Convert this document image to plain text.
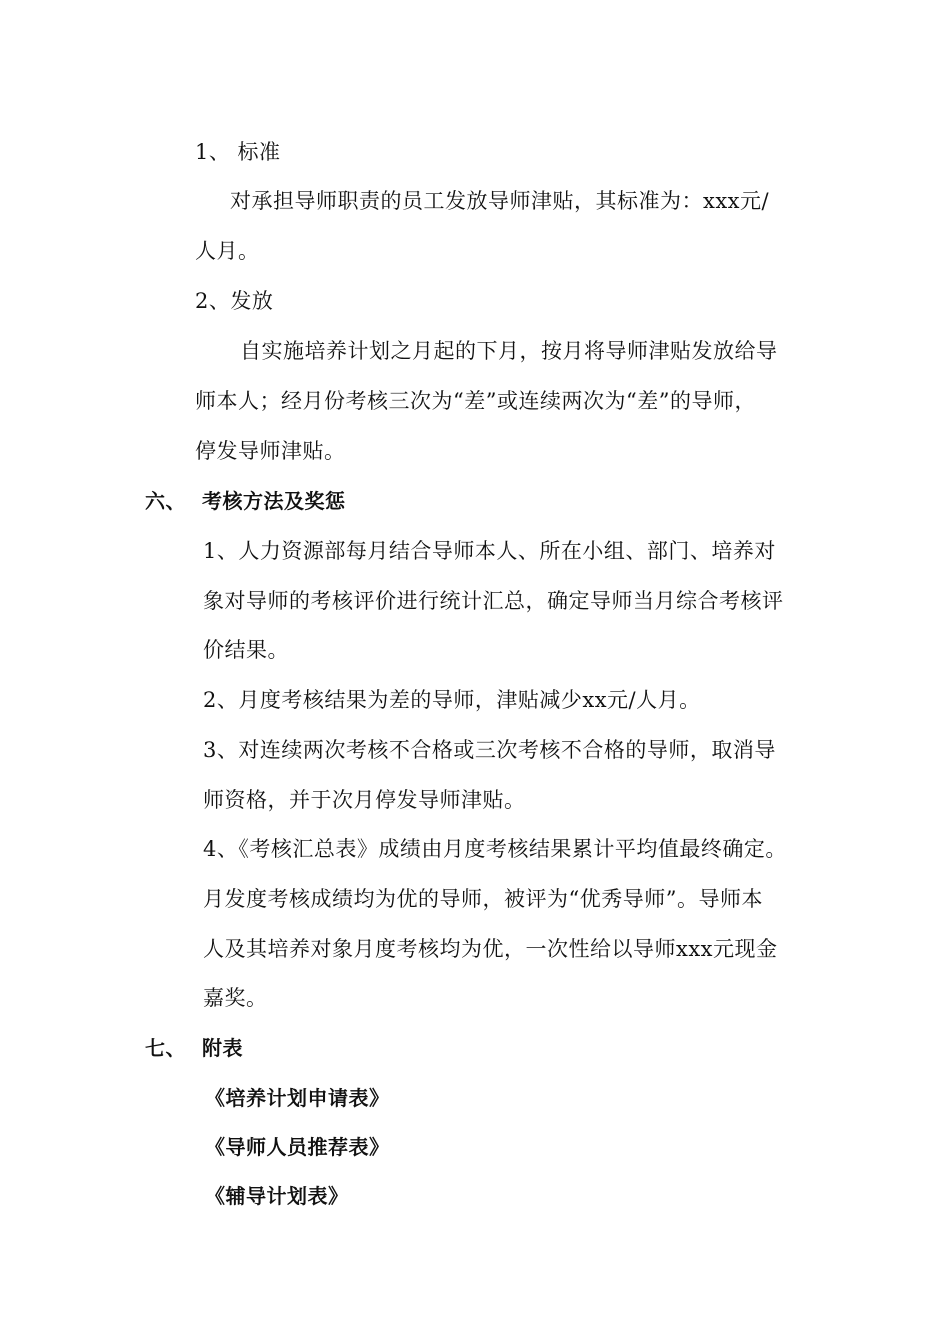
1、 标准
对承担导师职责的员工发放导师津贴，其标准为：xxx元/
人月。
2、发放
自实施培养计划之月起的下月，按月将导师津贴发放给导
师本人；经月份考核三次为“差”或连续两次为“差”的导师，
停发导师津贴。
六、 考核方法及奖惩
1、人力资源部每月结合导师本人、所在小组、部门、培养对
象对导师的考核评价进行统计汇总，确定导师当月综合考核评
价结果。
2、月度考核结果为差的导师，津贴减少xx元/人月。
3、对连续两次考核不合格或三次考核不合格的导师，取消导
师资格，并于次月停发导师津贴。
4、《考核汇总表》成绩由月度考核结果累计平均值最终确定。
月发度考核成绩均为优的导师，被评为“优秀导师”。导师本
人及其培养对象月度考核均为优，一次性给以导师xxx元现金
嘉奖。
七、 附表
《培养计划申请表》
《导师人员推荐表》
《辅导计划表》
